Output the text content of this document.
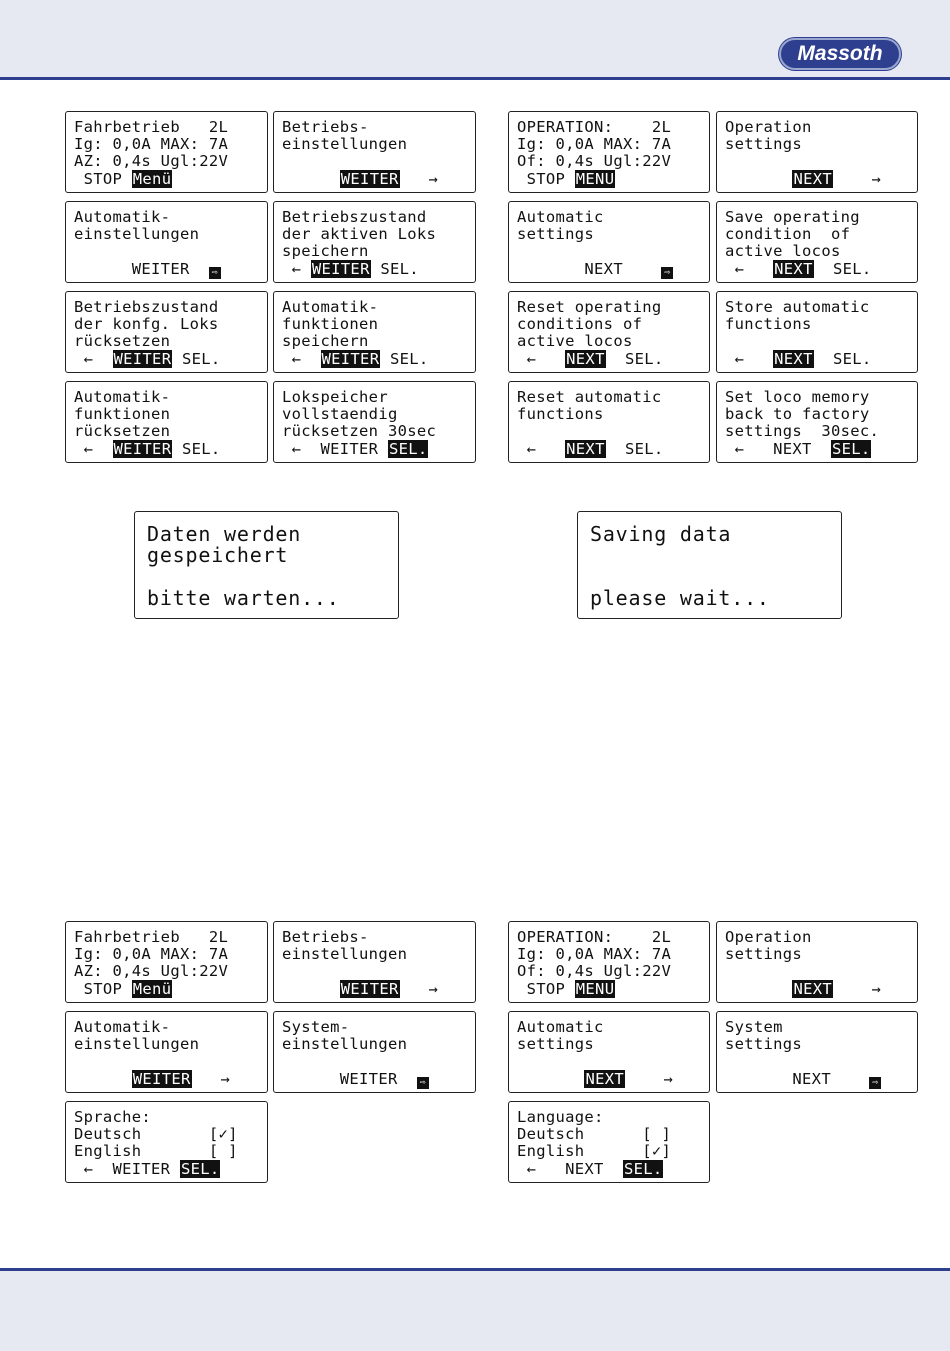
Massoth
Fahrbetrieb   2L
Ig: 0,0A MAX: 7A
AZ: 0,4s Ugl:22V
STOP Menü
Betriebs-
einstellungen
WEITER →
Automatik-
einstellungen
WEITER  ⇨
Betriebszustand
der aktiven Loks
speichern
← WEITER SEL.
Betriebszustand
der konfg. Loks
rücksetzen
←  WEITER SEL.
Automatik-
funktionen
speichern
←  WEITER SEL.
Automatik-
funktionen
rücksetzen
←  WEITER SEL.
Lokspeicher
vollstaendig
rücksetzen 30sec
←  WEITER SEL.
OPERATION:    2L
Ig: 0,0A MAX: 7A
Of: 0,4s Ugl:22V
STOP MENU
Operation
settings
NEXT	→
Automatic
settings
NEXT    ⇨
Save operating
condition  of
active locos
←   NEXT  SEL.
Reset operating
conditions of
active locos
←   NEXT  SEL.
Store automatic
functions
←   NEXT  SEL.
Reset automatic
functions
←   NEXT  SEL.
Set loco memory
back to factory
settings  30sec.
←   NEXT  SEL.
Fahrbetrieb   2L
Ig: 0,0A MAX: 7A
AZ: 0,4s Ugl:22V
STOP Menü
Betriebs-
einstellungen
WEITER →
Automatik-
einstellungen
WEITER →
System-
einstellungen
WEITER  ⇨
Sprache:
Deutsch       [✓]
English       [ ]
←  WEITER SEL.
OPERATION:    2L
Ig: 0,0A MAX: 7A
Of: 0,4s Ugl:22V
STOP MENU
Operation
settings
NEXT	→
Automatic
settings
NEXT	→
System
settings
NEXT    ⇨
Language:
Deutsch      [ ]
English      [✓]
←   NEXT  SEL.
Daten werden
gespeichert
bitte warten...
Saving data
please wait...
